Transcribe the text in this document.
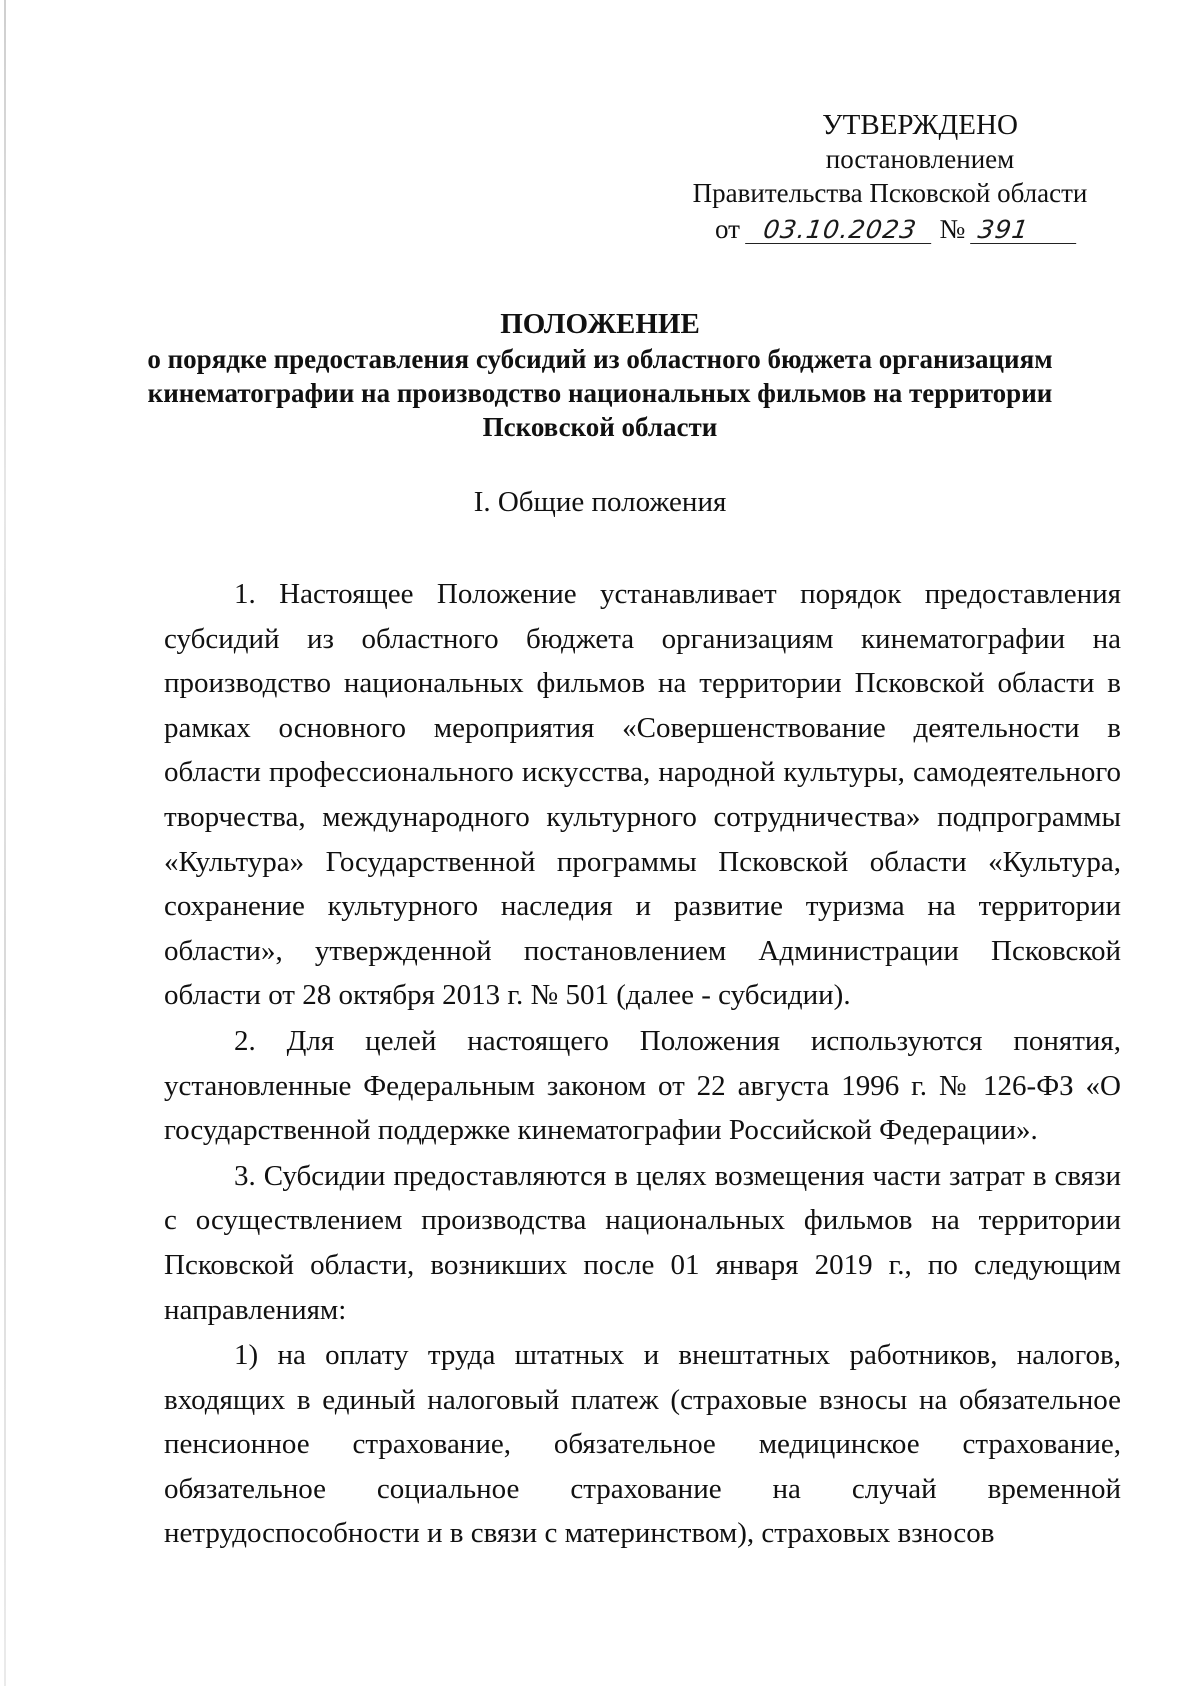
УТВЕРЖДЕНО
постановлением
Правительства Псковской области
от 03.10.2023 № 391
ПОЛОЖЕНИЕ
о порядке предоставления субсидий из областного бюджета организациям кинематографии на производство национальных фильмов на территории Псковской области
I. Общие положения

1. Настоящее Положение устанавливает порядок предоставления субсидий из областного бюджета организациям кинематографии на производство национальных фильмов на территории Псковской области в рамках основного мероприятия «Совершенствование деятельности в области профессионального искусства, народной культуры, самодеятельного творчества, международного культурного сотрудничества» подпрограммы «Культура» Государственной программы Псковской области «Культура, сохранение культурного наследия и развитие туризма на территории области», утвержденной постановлением Администрации Псковской области от 28 октября 2013 г. № 501 (далее - субсидии).

2. Для целей настоящего Положения используются понятия, установленные Федеральным законом от 22 августа 1996 г. № 126-ФЗ «О государственной поддержке кинематографии Российской Федерации».

3. Субсидии предоставляются в целях возмещения части затрат в связи с осуществлением производства национальных фильмов на территории Псковской области, возникших после 01 января 2019 г., по следующим направлениям:

1) на оплату труда штатных и внештатных работников, налогов, входящих в единый налоговый платеж (страховые взносы на обязательное пенсионное страхование, обязательное медицинское страхование, обязательное социальное страхование на случай временной нетрудоспособности и в связи с материнством), страховых взносов
